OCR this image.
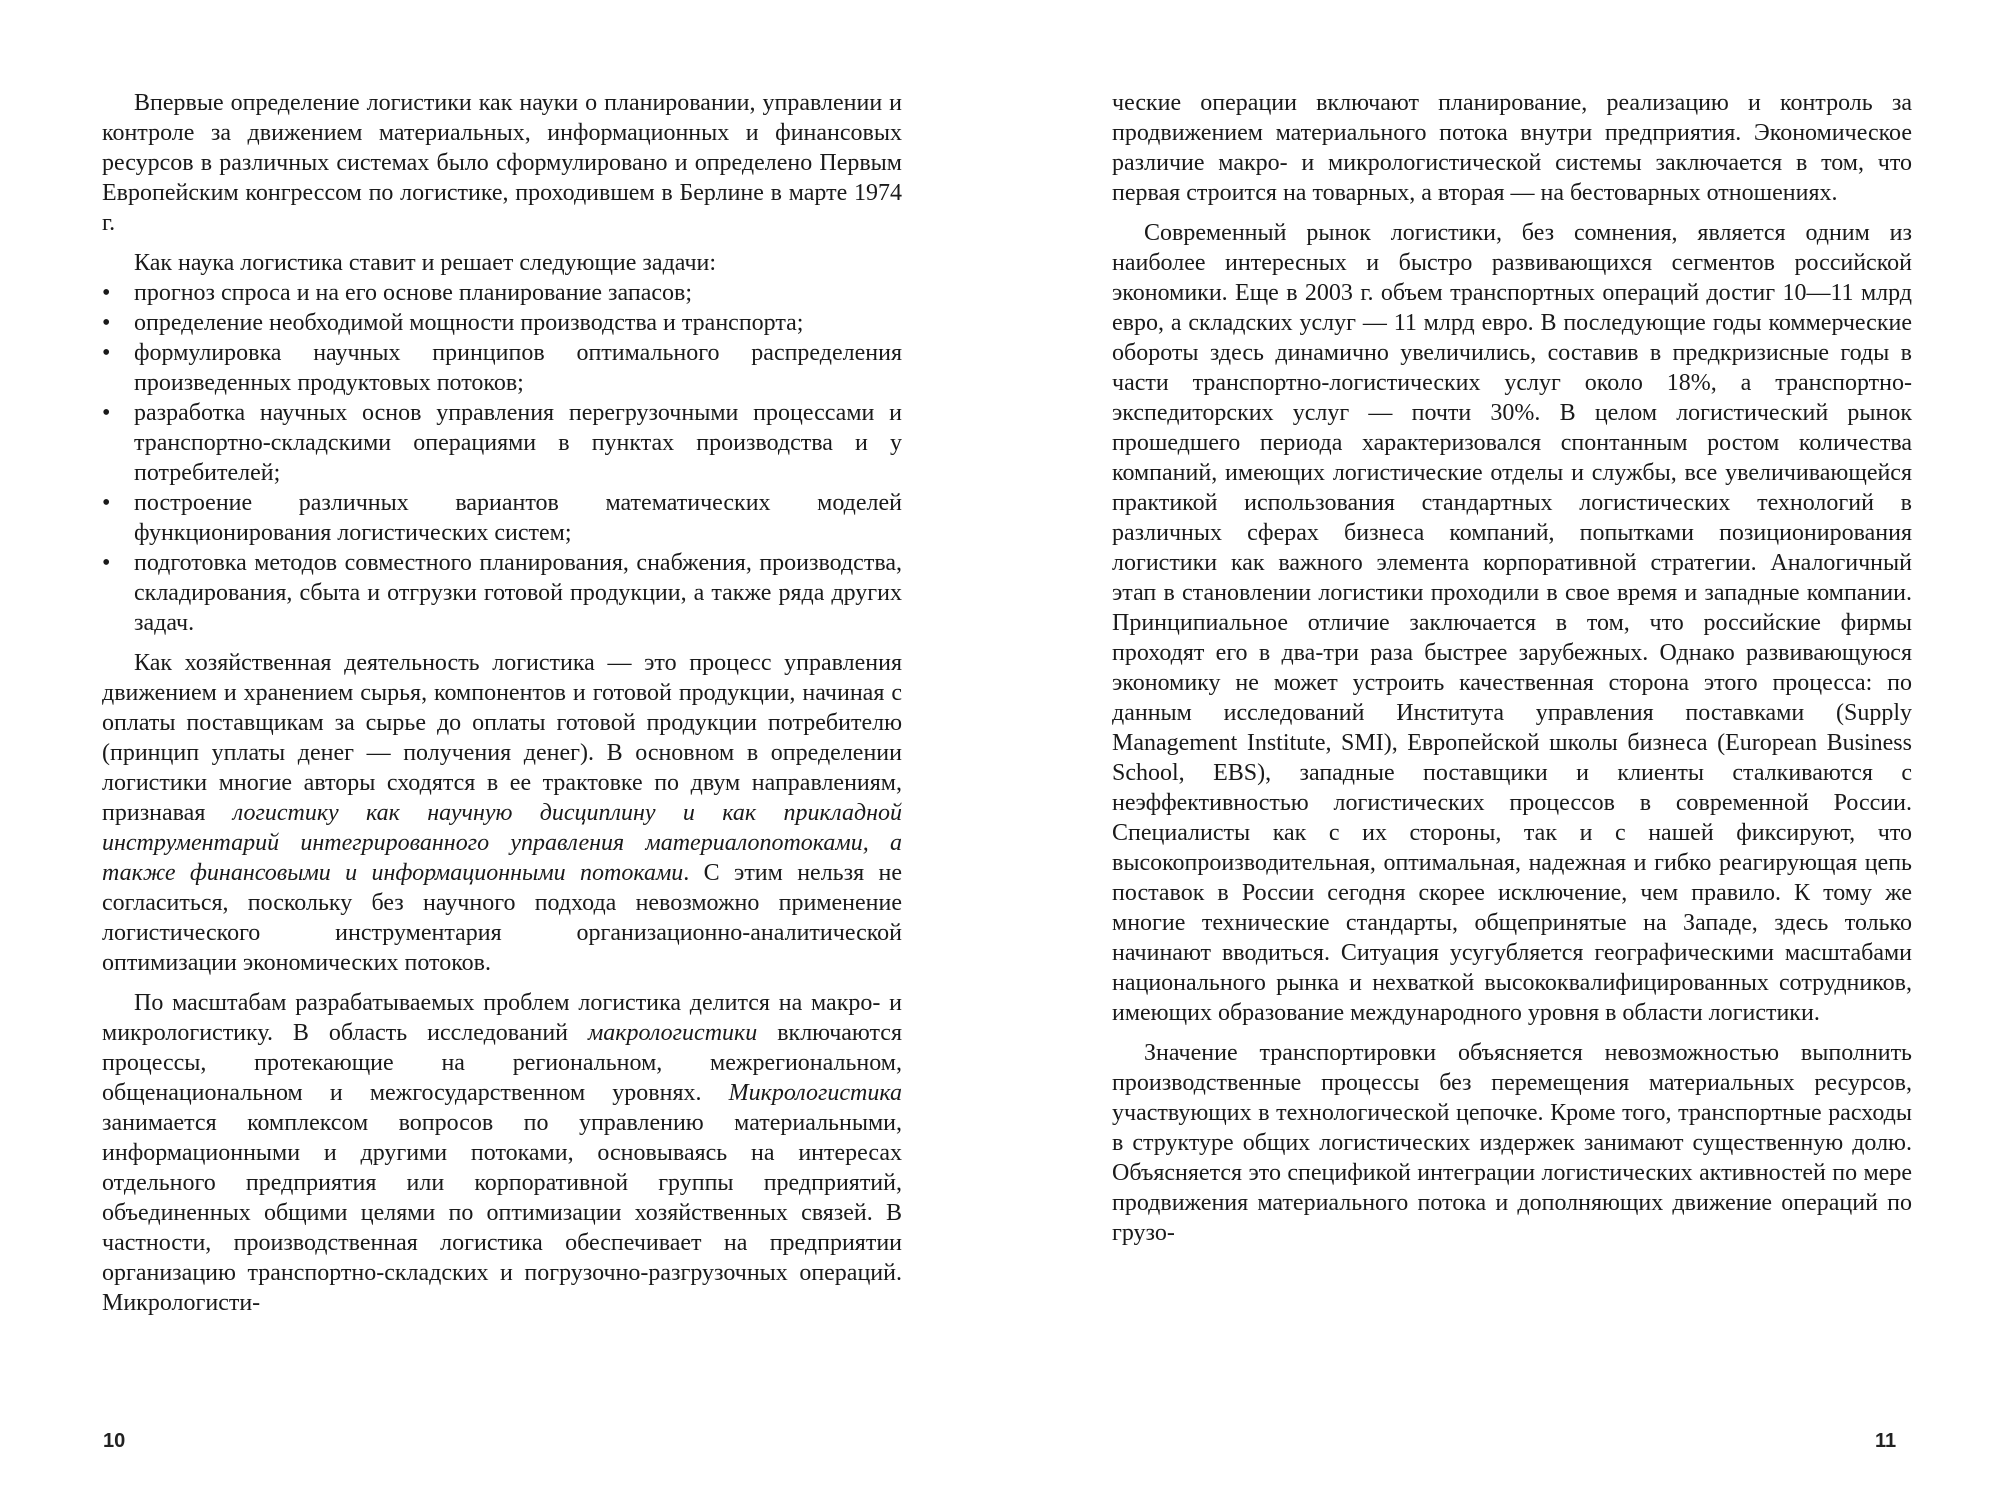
Впервые определение логистики как науки о планировании, управлении и контроле за движением материальных, информационных и финансовых ресурсов в различных системах было сформулировано и определено Первым Европейским конгрессом по логистике, проходившем в Берлине в марте 1974 г.

Как наука логистика ставит и решает следующие задачи:

• прогноз спроса и на его основе планирование запасов;
• определение необходимой мощности производства и транспорта;
• формулировка научных принципов оптимального распределения произведенных продуктовых потоков;
• разработка научных основ управления перегрузочными процессами и транспортно-складскими операциями в пунктах производства и у потребителей;
• построение различных вариантов математических моделей функционирования логистических систем;
• подготовка методов совместного планирования, снабжения, производства, складирования, сбыта и отгрузки готовой продукции, а также ряда других задач.

Как хозяйственная деятельность логистика — это процесс управления движением и хранением сырья, компонентов и готовой продукции, начиная с оплаты поставщикам за сырье до оплаты готовой продукции потребителю (принцип уплаты денег — получения денег). В основном в определении логистики многие авторы сходятся в ее трактовке по двум направлениям, признавая логистику как научную дисциплину и как прикладной инструментарий интегрированного управления материалопотоками, а также финансовыми и информационными потоками. С этим нельзя не согласиться, поскольку без научного подхода невозможно применение логистического инструментария организационно-аналитической оптимизации экономических потоков.

По масштабам разрабатываемых проблем логистика делится на макро- и микрологистику. В область исследований макрологистики включаются процессы, протекающие на региональном, межрегиональном, общенациональном и межгосударственном уровнях. Микрологистика занимается комплексом вопросов по управлению материальными, информационными и другими потоками, основываясь на интересах отдельного предприятия или корпоративной группы предприятий, объединенных общими целями по оптимизации хозяйственных связей. В частности, производственная логистика обеспечивает на предприятии организацию транспортно-складских и погрузочно-разгрузочных операций. Микрологисти-

ческие операции включают планирование, реализацию и контроль за продвижением материального потока внутри предприятия. Экономическое различие макро- и микрологистической системы заключается в том, что первая строится на товарных, а вторая — на бестоварных отношениях.

Современный рынок логистики, без сомнения, является одним из наиболее интересных и быстро развивающихся сегментов российской экономики. Еще в 2003 г. объем транспортных операций достиг 10—11 млрд евро, а складских услуг — 11 млрд евро. В последующие годы коммерческие обороты здесь динамично увеличились, составив в предкризисные годы в части транспортно-логистических услуг около 18%, а транспортно-экспедиторских услуг — почти 30%. В целом логистический рынок прошедшего периода характеризовался спонтанным ростом количества компаний, имеющих логистические отделы и службы, все увеличивающейся практикой использования стандартных логистических технологий в различных сферах бизнеса компаний, попытками позиционирования логистики как важного элемента корпоративной стратегии. Аналогичный этап в становлении логистики проходили в свое время и западные компании. Принципиальное отличие заключается в том, что российские фирмы проходят его в два-три раза быстрее зарубежных. Однако развивающуюся экономику не может устроить качественная сторона этого процесса: по данным исследований Института управления поставками (Supply Management Institute, SMI), Европейской школы бизнеса (European Business School, EBS), западные поставщики и клиенты сталкиваются с неэффективностью логистических процессов в современной России. Специалисты как с их стороны, так и с нашей фиксируют, что высокопроизводительная, оптимальная, надежная и гибко реагирующая цепь поставок в России сегодня скорее исключение, чем правило. К тому же многие технические стандарты, общепринятые на Западе, здесь только начинают вводиться. Ситуация усугубляется географическими масштабами национального рынка и нехваткой высококвалифицированных сотрудников, имеющих образование международного уровня в области логистики.

Значение транспортировки объясняется невозможностью выполнить производственные процессы без перемещения материальных ресурсов, участвующих в технологической цепочке. Кроме того, транспортные расходы в структуре общих логистических издержек занимают существенную долю. Объясняется это спецификой интеграции логистических активностей по мере продвижения материального потока и дополняющих движение операций по грузо-

10	11
